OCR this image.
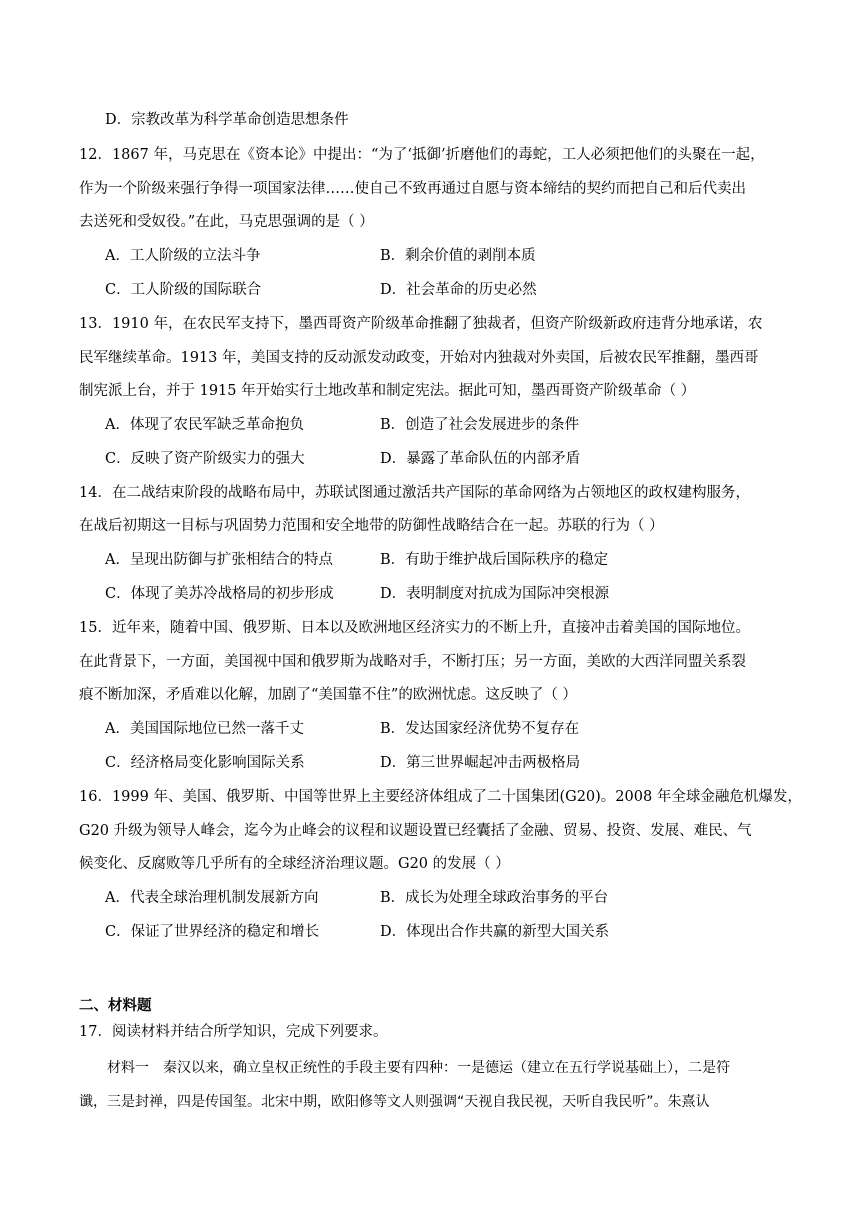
D．宗教改革为科学革命创造思想条件
12．1867 年，马克思在《资本论》中提出：“为了‘抵御’折磨他们的毒蛇，工人必须把他们的头聚在一起，
作为一个阶级来强行争得一项国家法律……使自己不致再通过自愿与资本缔结的契约而把自己和后代卖出
去送死和受奴役。”在此，马克思强调的是（ ）
A．工人阶级的立法斗争	B．剩余价值的剥削本质
C．工人阶级的国际联合	D．社会革命的历史必然
13．1910 年，在农民军支持下，墨西哥资产阶级革命推翻了独裁者，但资产阶级新政府违背分地承诺，农
民军继续革命。1913 年，美国支持的反动派发动政变，开始对内独裁对外卖国，后被农民军推翻，墨西哥
制宪派上台，并于 1915 年开始实行土地改革和制定宪法。据此可知，墨西哥资产阶级革命（ ）
A．体现了农民军缺乏革命抱负	B．创造了社会发展进步的条件
C．反映了资产阶级实力的强大	D．暴露了革命队伍的内部矛盾
14．在二战结束阶段的战略布局中，苏联试图通过激活共产国际的革命网络为占领地区的政权建构服务，
在战后初期这一目标与巩固势力范围和安全地带的防御性战略结合在一起。苏联的行为（ ）
A．呈现出防御与扩张相结合的特点	B．有助于维护战后国际秩序的稳定
C．体现了美苏冷战格局的初步形成	D．表明制度对抗成为国际冲突根源
15．近年来，随着中国、俄罗斯、日本以及欧洲地区经济实力的不断上升，直接冲击着美国的国际地位。
在此背景下，一方面，美国视中国和俄罗斯为战略对手，不断打压；另一方面，美欧的大西洋同盟关系裂
痕不断加深，矛盾难以化解，加剧了“美国靠不住”的欧洲忧虑。这反映了（ ）
A．美国国际地位已然一落千丈	B．发达国家经济优势不复存在
C．经济格局变化影响国际关系	D．第三世界崛起冲击两极格局
16．1999 年、美国、俄罗斯、中国等世界上主要经济体组成了二十国集团(G20)。2008 年全球金融危机爆发，
G20 升级为领导人峰会，迄今为止峰会的议程和议题设置已经囊括了金融、贸易、投资、发展、难民、气
候变化、反腐败等几乎所有的全球经济治理议题。G20 的发展（ ）
A．代表全球治理机制发展新方向	B．成长为处理全球政治事务的平台
C．保证了世界经济的稳定和增长	D．体现出合作共赢的新型大国关系
二、材料题
17．阅读材料并结合所学知识，完成下列要求。
　　材料一　秦汉以来，确立皇权正统性的手段主要有四种：一是德运（建立在五行学说基础上），二是符
谶，三是封禅，四是传国玺。北宋中期，欧阳修等文人则强调“天视自我民视，天听自我民听”。朱熹认
